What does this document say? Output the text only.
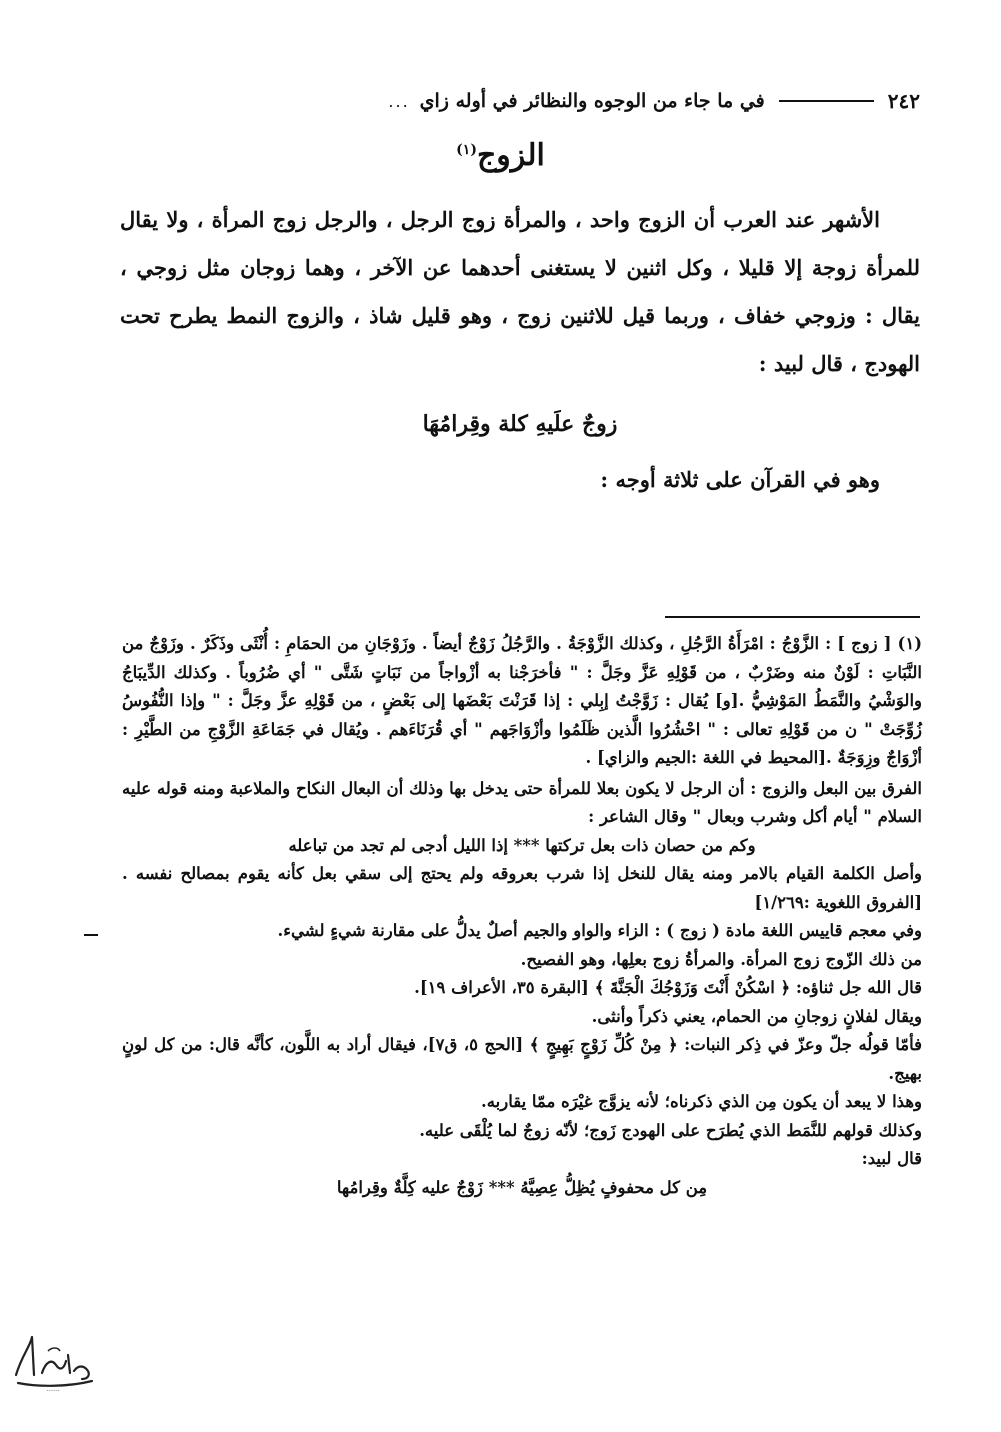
٢٤٢
في ما جاء من الوجوه والنظائر في أوله زاي
...
الزوج$^{(١)}$

الأشهر عند العرب أن الزوج واحد ، والمرأة زوج الرجل ، والرجل زوج المرأة ، ولا يقال للمرأة زوجة إلا قليلا ، وكل اثنين لا يستغنى أحدهما عن الآخر ، وهما زوجان مثل زوجي ، يقال : وزوجي خفاف ، وربما قيل للاثنين زوج ، وهو قليل شاذ ، والزوج النمط يطرح تحت الهودج ، قال لبيد :

زوجٌ علَيهِ كلة وقِرامُهَا

وهو في القرآن على ثلاثة أوجه :

(١) [ زوج ] : الزَّوْجُ : امْرَأَةُ الرَّجُلِ ، وكذلك الزَّوْجَةُ . والرَّجُلُ زَوْجٌ أيضاً . وزَوْجَانِ من الحمَامِ : أُنْثَى وذَكَرٌ . وزَوْجٌ من النَّبَاتِ : لَوْنٌ منه وضَرْبٌ ، من قَوْلِهِ عَزَّ وجَلَّ : " فأخرَجْنا به أزْواجاً من نَبَاتٍ شَتَّى " أي ضُرُوباً . وكذلك الدِّيبَاجُ والوَشْيُ والنَّمَطُ المَوْشِيُّ .[و] يُقال : زَوَّجْتُ إبِلي : إذا قَرَنْتَ بَعْضَها إلى بَعْضٍ ، من قَوْلِهِ عزَّ وجَلَّ : " وإذا النُّفُوسُ زُوِّجَتْ " ن من قَوْلِهِ تعالى : " احْشُرُوا الَّذين ظَلَمُوا وأزْوَاجَهم " أي قُرَنَاءَهم . ويُقال في جَمَاعَةِ الزَّوْجِ من الطَّيْرِ : أزْوَاجٌ وزِوَجَةٌ .[المحيط في اللغة :الجيم والزاي] .

الفرق بين البعل والزوج : أن الرجل لا يكون بعلا للمرأة حتى يدخل بها وذلك أن البعال النكاح والملاعبة ومنه قوله عليه السلام " أيام أكل وشرب وبعال " وقال الشاعر :

وكم من حصان ذات بعل تركتها *** إذا الليل أدجى لم تجد من تباعله

وأصل الكلمة القيام بالامر ومنه يقال للنخل إذا شرب بعروقه ولم يحتج إلى سقي بعل كأنه يقوم بمصالح نفسه .[الفروق اللغوية :١/٢٦٩]

وفي معجم قاييس اللغة مادة ( زوج ) : الزاء والواو والجيم أصلٌ يدلُّ على مقارنة شيءٍ لشيء.

من ذلك الزّوج زوج المرأة. والمرأةُ زوج بعلِها، وهو الفصيح.

قال الله جل ثناؤه: ﴿ اسْكُنْ أَنْتَ وَزَوْجُكَ الْجَنَّةَ ﴾ [البقرة ٣٥، الأعراف ١٩].

ويقال لفلانٍ زوجانِ من الحمام، يعني ذكراً وأنثى.

فأمّا قولُه جلّ وعزّ في ذِكر النبات: ﴿ مِنْ كُلِّ زَوْجٍ بَهِيجٍ ﴾ [الحج ٥، ق٧]، فيقال أراد به اللَّون، كأنَّه قال: من كل لونٍ بهيج.

وهذا لا يبعد أن يكون مِن الذي ذكرناه؛ لأنه يزوَّج غيْرَه ممّا يقاربه.

وكذلك قولهم للنَّمَط الذي يُطرَح على الهودج زَوج؛ لأنّه زوجٌ لما يُلْقَى عليه.

قال لبيد:

مِن كل محفوفٍ يُظِلُّ عِصِيَّهُ *** زَوْجٌ عليه كِلَّةٌ وقِرامُها

·······
